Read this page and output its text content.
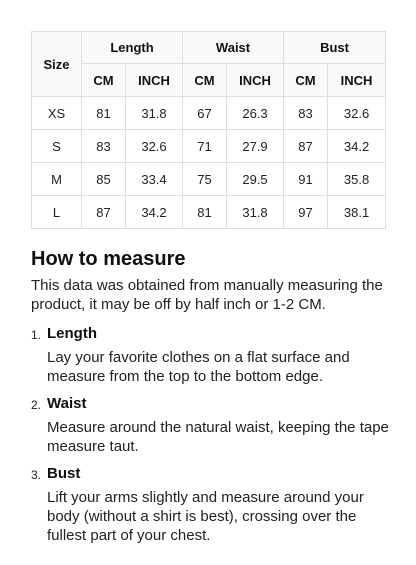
Size	Length		Waist		Bust	
	CM	INCH	CM	INCH	CM	INCH
XS	81	31.8	67	26.3	83	32.6
S	83	32.6	71	27.9	87	34.2
M	85	33.4	75	29.5	91	35.8
L	87	34.2	81	31.8	97	38.1
How to measure

This data was obtained from manually measuring the product, it may be off by half inch or 1-2 CM.

1. Length
Lay your favorite clothes on a flat surface and measure from the top to the bottom edge.
2. Waist
Measure around the natural waist, keeping the tape measure taut.
3. Bust
Lift your arms slightly and measure around your body (without a shirt is best), crossing over the fullest part of your chest.
